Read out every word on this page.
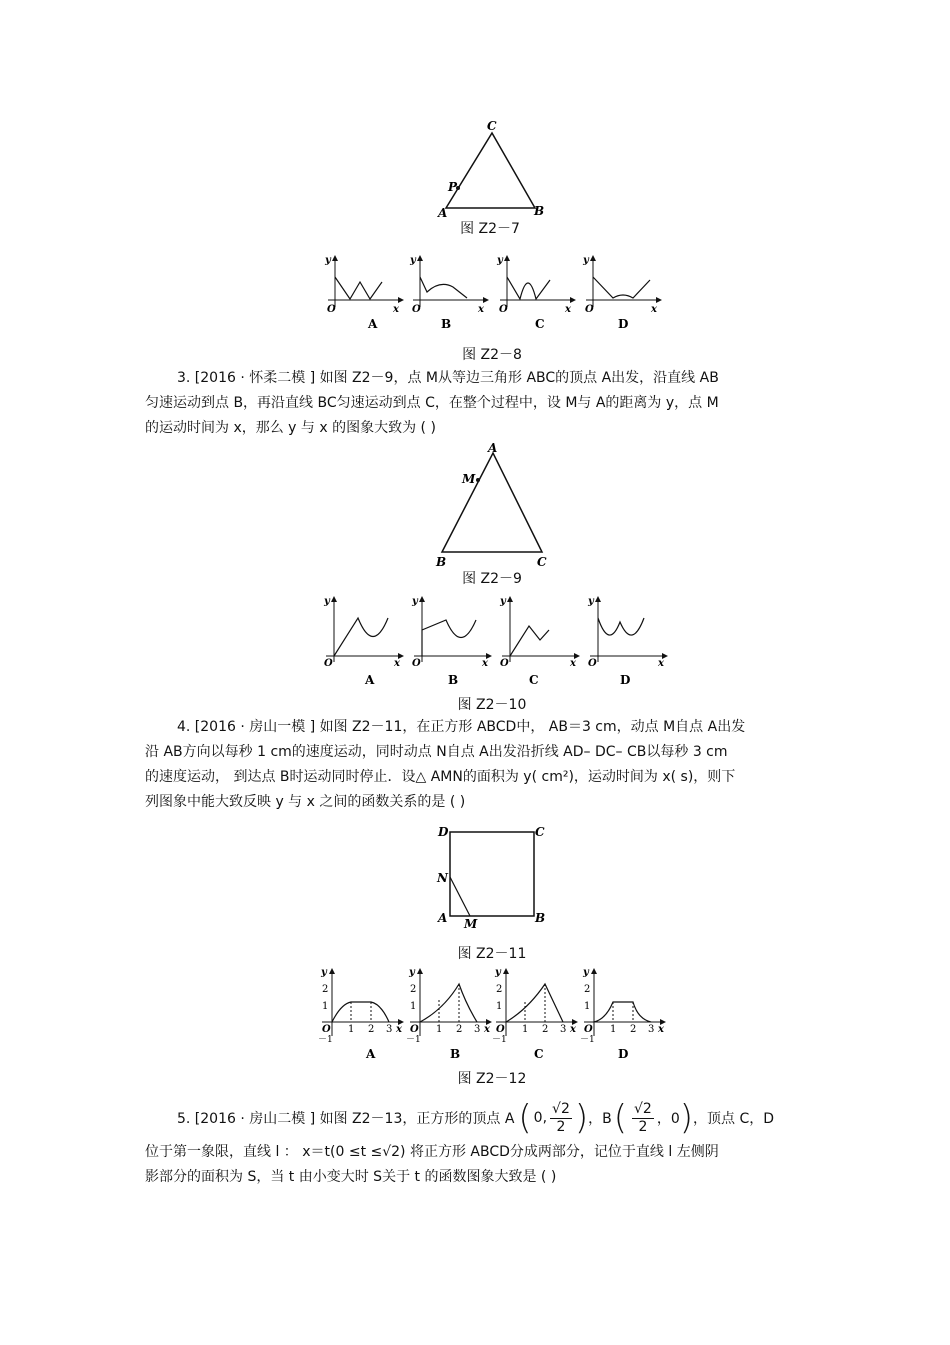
C
P
A	B
图 Z2－7
y
O	x
y
O	x
y
O	x
y
O	x
A	B	C	D
图 Z2－8

3. [2016 · 怀柔二模 ] 如图 Z2－9，点 M从等边三角形 ABC的顶点 A出发，沿直线 AB

匀速运动到点 B，再沿直线 BC匀速运动到点 C，在整个过程中，设 M与 A的距离为 y，点 M

的运动时间为 x，那么 y 与 x 的图象大致为 ( )

A
M
B	C
图 Z2－9
y
O	x
y
O	x
y
O	x
y
O	x
A	B	C	D
图 Z2－10

4. [2016 · 房山一模 ] 如图 Z2－11，在正方形 ABCD中， AB＝3 cm，动点 M自点 A出发

沿 AB方向以每秒 1 cm的速度运动，同时动点 N自点 A出发沿折线 AD– DC– CB以每秒 3 cm

的速度运动， 到达点 B时运动同时停止．设△ AMN的面积为 y( cm²)，运动时间为 x( s)，则下

列图象中能大致反映 y 与 x 之间的函数关系的是 ( )

D	C
N
A M	B
图 Z2－11
y
2
1
O 1 2 3 x
－1
y
2
1
O 1 2 3 x
－1
y
2
1
O 1 2 3 x
－1
y
2
1
O 1 2 3 x
－1
A	B	C	D
图 Z2－12
5. [2016 · 房山二模 ] 如图 Z2－13，正方形的顶点 A ( 0,
√2
2 ) ，B ( √2
2 ，0 ) ，顶点 C，D

位于第一象限，直线 l ： x＝t(0 ≤t ≤√2) 将正方形 ABCD分成两部分，记位于直线 l 左侧阴

影部分的面积为 S，当 t 由小变大时 S关于 t 的函数图象大致是 ( )
